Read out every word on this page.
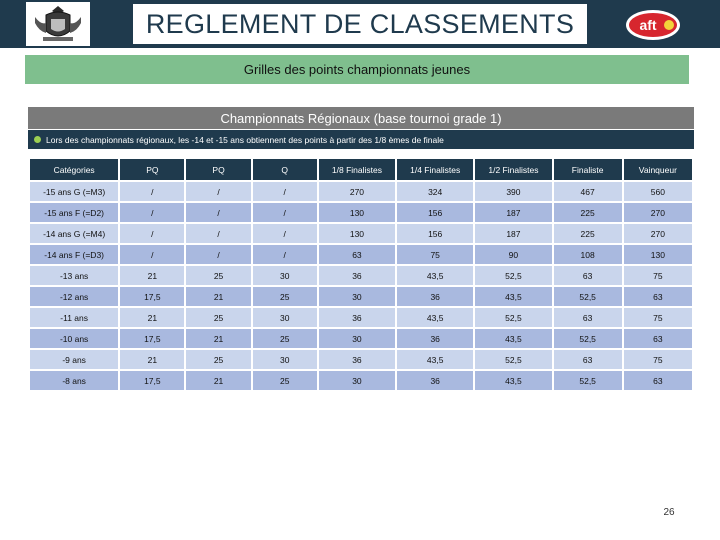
REGLEMENT DE CLASSEMENTS	aft
Grilles des points championnats jeunes
Championnats Régionaux (base tournoi grade 1)
Lors des championnats régionaux, les -14 et -15 ans obtiennent des points à partir des 1/8 èmes de finale
Catégories	PQ	PQ	Q	1/8 Finalistes	1/4 Finalistes	1/2 Finalistes	Finaliste	Vainqueur
-15 ans G (=M3)	/	/	/	270	324	390	467	560
-15 ans F (=D2)	/	/	/	130	156	187	225	270
-14 ans G (=M4)	/	/	/	130	156	187	225	270
-14 ans F (=D3)	/	/	/	63	75	90	108	130
-13 ans	21	25	30	36	43,5	52,5	63	75
-12 ans	17,5	21	25	30	36	43,5	52,5	63
-11 ans	21	25	30	36	43,5	52,5	63	75
-10 ans	17,5	21	25	30	36	43,5	52,5	63
-9 ans	21	25	30	36	43,5	52,5	63	75
-8 ans	17,5	21	25	30	36	43,5	52,5	63
26
